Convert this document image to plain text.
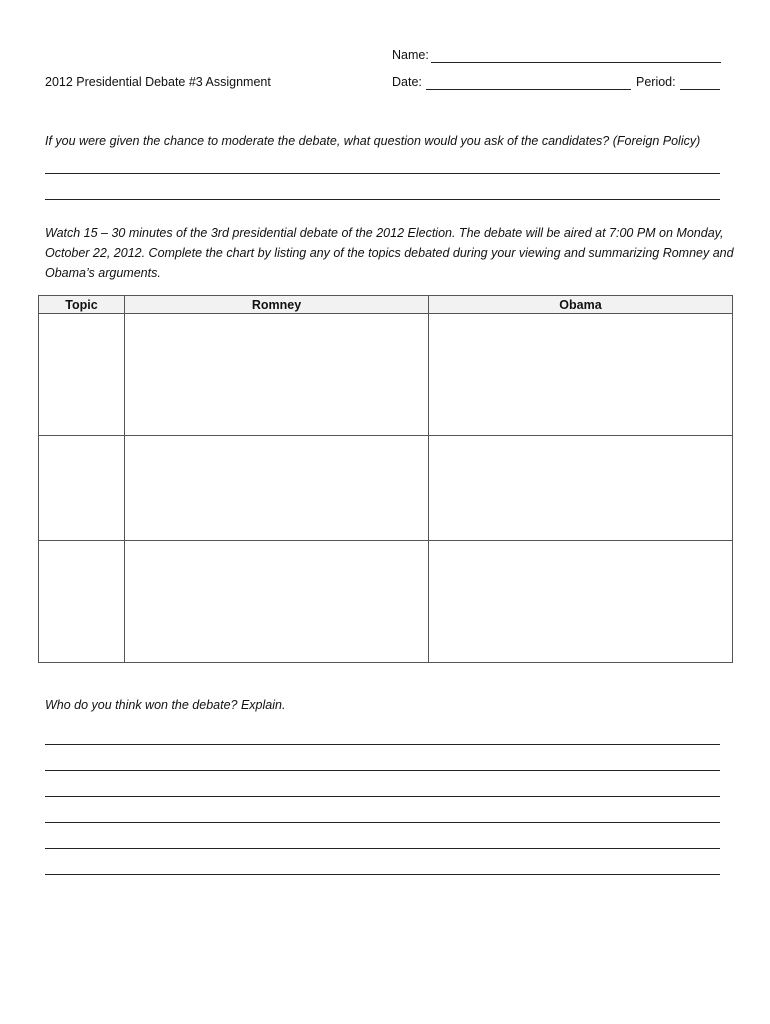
Name:
2012 Presidential Debate #3 Assignment	Date:	Period:
If you were given the chance to moderate the debate, what question would you ask of the candidates? (Foreign Policy)
Watch 15 – 30 minutes of the 3rd presidential debate of the 2012 Election. The debate will be aired at 7:00 PM on Monday, October 22, 2012. Complete the chart by listing any of the topics debated during your viewing and summarizing Romney and Obama’s arguments.
Topic	Romney	Obama

Who do you think won the debate? Explain.
